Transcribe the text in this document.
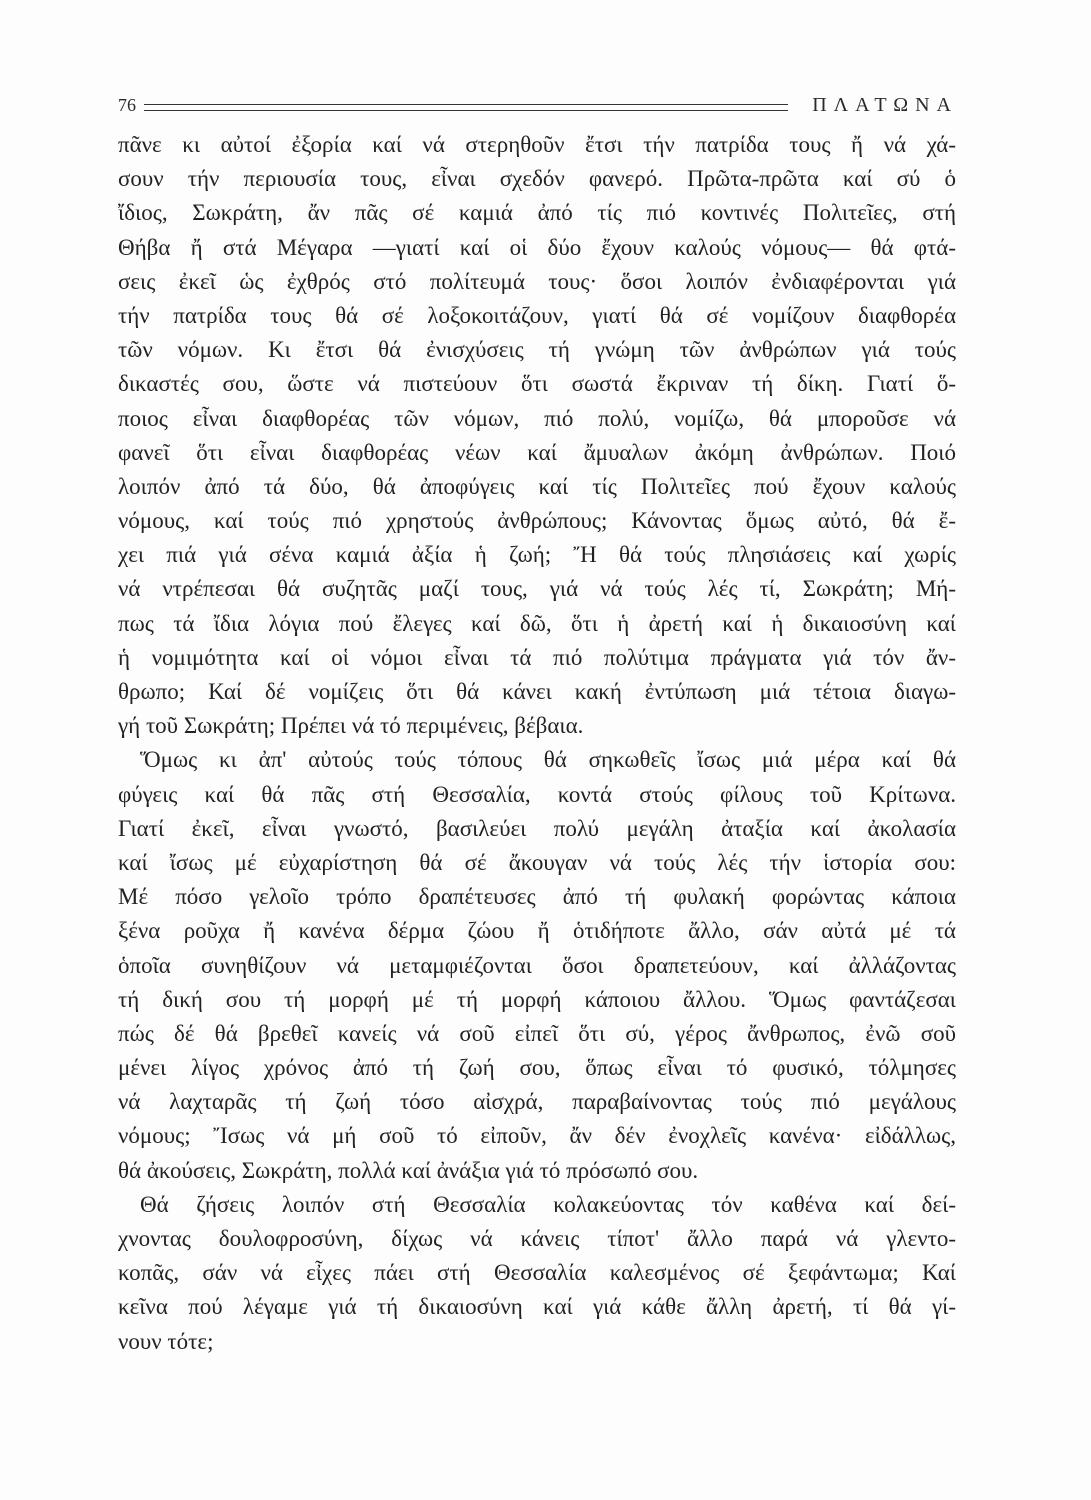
76	ΠΛΑΤΩΝΑ
πᾶνε κι αὐτοί ἐξορία καί νά στερηθοῦν ἔτσι τήν πατρίδα τους ἤ νά χά-
σουν τήν περιουσία τους, εἶναι σχεδόν φανερό. Πρῶτα-πρῶτα καί σύ ὁ
ἴδιος, Σωκράτη, ἄν πᾶς σέ καμιά ἀπό τίς πιό κοντινές Πολιτεῖες, στή
Θήβα ἤ στά Μέγαρα —γιατί καί οἱ δύο ἔχουν καλούς νόμους— θά φτά-
σεις ἐκεῖ ὡς ἐχθρός στό πολίτευμά τους· ὅσοι λοιπόν ἐνδιαφέρονται γιά
τήν πατρίδα τους θά σέ λοξοκοιτάζουν, γιατί θά σέ νομίζουν διαφθορέα
τῶν νόμων. Κι ἔτσι θά ἐνισχύσεις τή γνώμη τῶν ἀνθρώπων γιά τούς
δικαστές σου, ὥστε νά πιστεύουν ὅτι σωστά ἔκριναν τή δίκη. Γιατί ὅ-
ποιος εἶναι διαφθορέας τῶν νόμων, πιό πολύ, νομίζω, θά μποροῦσε νά
φανεῖ ὅτι εἶναι διαφθορέας νέων καί ἄμυαλων ἀκόμη ἀνθρώπων. Ποιό
λοιπόν ἀπό τά δύο, θά ἀποφύγεις καί τίς Πολιτεῖες πού ἔχουν καλούς
νόμους, καί τούς πιό χρηστούς ἀνθρώπους; Κάνοντας ὅμως αὐτό, θά ἔ-
χει πιά γιά σένα καμιά ἀξία ἡ ζωή; Ἤ θά τούς πλησιάσεις καί χωρίς
νά ντρέπεσαι θά συζητᾶς μαζί τους, γιά νά τούς λές τί, Σωκράτη; Μή-
πως τά ἴδια λόγια πού ἔλεγες καί δῶ, ὅτι ἡ ἀρετή καί ἡ δικαιοσύνη καί
ἡ νομιμότητα καί οἱ νόμοι εἶναι τά πιό πολύτιμα πράγματα γιά τόν ἄν-
θρωπο; Καί δέ νομίζεις ὅτι θά κάνει κακή ἐντύπωση μιά τέτοια διαγω-
γή τοῦ Σωκράτη; Πρέπει νά τό περιμένεις, βέβαια.
Ὅμως κι ἀπ' αὐτούς τούς τόπους θά σηκωθεῖς ἴσως μιά μέρα καί θά
φύγεις καί θά πᾶς στή Θεσσαλία, κοντά στούς φίλους τοῦ Κρίτωνα.
Γιατί ἐκεῖ, εἶναι γνωστό, βασιλεύει πολύ μεγάλη ἀταξία καί ἀκολασία
καί ἴσως μέ εὐχαρίστηση θά σέ ἄκουγαν νά τούς λές τήν ἱστορία σου:
Μέ πόσο γελοῖο τρόπο δραπέτευσες ἀπό τή φυλακή φορώντας κάποια
ξένα ροῦχα ἤ κανένα δέρμα ζώου ἤ ὁτιδήποτε ἄλλο, σάν αὐτά μέ τά
ὁποῖα συνηθίζουν νά μεταμφιέζονται ὅσοι δραπετεύουν, καί ἀλλάζοντας
τή δική σου τή μορφή μέ τή μορφή κάποιου ἄλλου. Ὅμως φαντάζεσαι
πώς δέ θά βρεθεῖ κανείς νά σοῦ εἰπεῖ ὅτι σύ, γέρος ἄνθρωπος, ἐνῶ σοῦ
μένει λίγος χρόνος ἀπό τή ζωή σου, ὅπως εἶναι τό φυσικό, τόλμησες
νά λαχταρᾶς τή ζωή τόσο αἰσχρά, παραβαίνοντας τούς πιό μεγάλους
νόμους; Ἴσως νά μή σοῦ τό εἰποῦν, ἄν δέν ἐνοχλεῖς κανένα· εἰδάλλως,
θά ἀκούσεις, Σωκράτη, πολλά καί ἀνάξια γιά τό πρόσωπό σου.
Θά ζήσεις λοιπόν στή Θεσσαλία κολακεύοντας τόν καθένα καί δεί-
χνοντας δουλοφροσύνη, δίχως νά κάνεις τίποτ' ἄλλο παρά νά γλεντο-
κοπᾶς, σάν νά εἶχες πάει στή Θεσσαλία καλεσμένος σέ ξεφάντωμα; Καί
κεῖνα πού λέγαμε γιά τή δικαιοσύνη καί γιά κάθε ἄλλη ἀρετή, τί θά γί-
νουν τότε;
